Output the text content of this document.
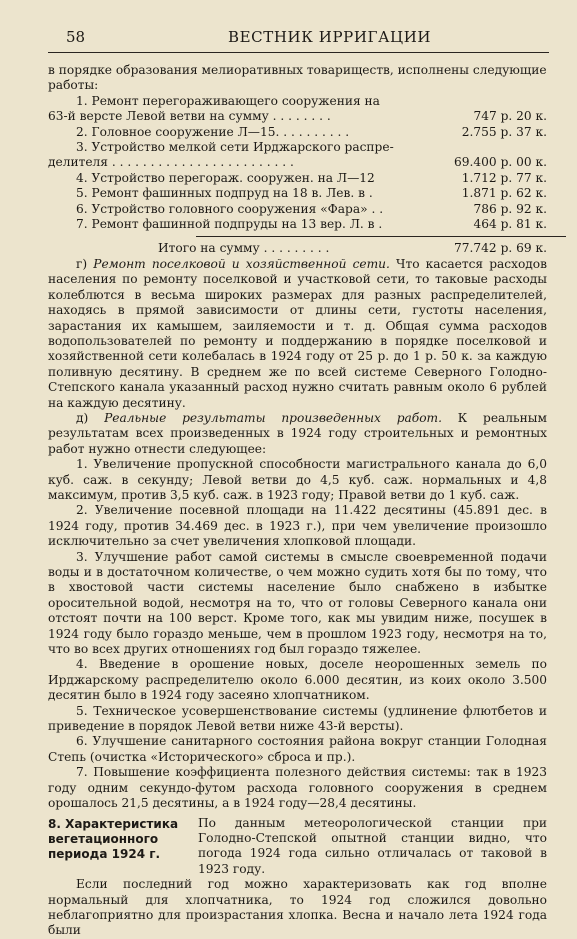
58	ВЕСТНИК ИРРИГАЦИИ

в порядке образования мелиоративных товариществ, исполнены следующие

работы:

1. Ремонт перегораживающего сооружения на
63-й версте Левой ветви на сумму . . . . . . . .	747 р. 20 к.
2. Головное сооружение Л—15. . . . . . . . . .	2.755 р. 37 к.
3. Устройство мелкой сети Ирджарского распре-
делителя . . . . . . . . . . . . . . . . . . . . . . . .	69.400 р. 00 к.
4. Устройство перегораж. сооружен. на Л—12	1.712 р. 77 к.
5. Ремонт фашинных подпруд на 18 в. Лев. в .	1.871 р. 62 к.
6. Устройство головного сооружения «Фара» . .	786 р. 92 к.
7. Ремонт фашинной подпруды на 13 вер. Л. в .	464 р. 81 к.
Итого на сумму . . . . . . . . .	77.742 р. 69 к.

г) Ремонт поселковой и хозяйственной сети. Что касается расходов населения по ремонту поселковой и участковой сети, то таковые расходы колеблются в весьма широких размерах для разных распределителей, находясь в прямой зависимости от длины сети, густоты населения, зарастания их камышем, заиляемости и т. д. Общая сумма расходов водопользователей по ремонту и поддержанию в порядке поселковой и хозяйственной сети колебалась в 1924 году от 25 р. до 1 р. 50 к. за каждую поливную десятину. В среднем же по всей системе Северного Голодно-Степского канала указанный расход нужно считать равным около 6 рублей на каждую десятину.

д) Реальные результаты произведенных работ. К реальным результатам всех произведенных в 1924 году строительных и ремонтных работ нужно отнести следующее:

1. Увеличение пропускной способности магистрального канала до 6,0 куб. саж. в секунду; Левой ветви до 4,5 куб. саж. нормальных и 4,8 максимум, против 3,5 куб. саж. в 1923 году; Правой ветви до 1 куб. саж.

2. Увеличение посевной площади на 11.422 десятины (45.891 дес. в 1924 году, против 34.469 дес. в 1923 г.), при чем увеличение произошло исключительно за счет увеличения хлопковой площади.

3. Улучшение работ самой системы в смысле своевременной подачи воды и в достаточном количестве, о чем можно судить хотя бы по тому, что в хвостовой части системы население было снабжено в избытке оросительной водой, несмотря на то, что от головы Северного канала они отстоят почти на 100 верст. Кроме того, как мы увидим ниже, посушек в 1924 году было гораздо меньше, чем в прошлом 1923 году, несмотря на то, что во всех других отношениях год был гораздо тяжелее.

4. Введение в орошение новых, доселе неорошенных земель по Ирджарскому распределителю около 6.000 десятин, из коих около 3.500 десятин было в 1924 году засеяно хлопчатником.

5. Техническое усовершенствование системы (удлинение флютбетов и приведение в порядок Левой ветви ниже 43-й версты).

6. Улучшение санитарного состояния района вокруг станции Голодная Степь (очистка «Исторического» сброса и пр.).

7. Повышение коэффициента полезного действия системы: так в 1923 году одним секундо-футом расхода головного сооружения в среднем орошалось 21,5 десятины, а в 1924 году—28,4 десятины.

8. Характеристика вегетационного периода 1924 г.

По данным метеорологической станции при Голодно-Степской опытной станции видно, что погода 1924 года сильно отличалась от таковой в 1923 году.

Если последний год можно характеризовать как год вполне нормальный для хлопчатника, то 1924 год сложился довольно неблагоприятно для произрастания хлопка. Весна и начало лета 1924 года были
